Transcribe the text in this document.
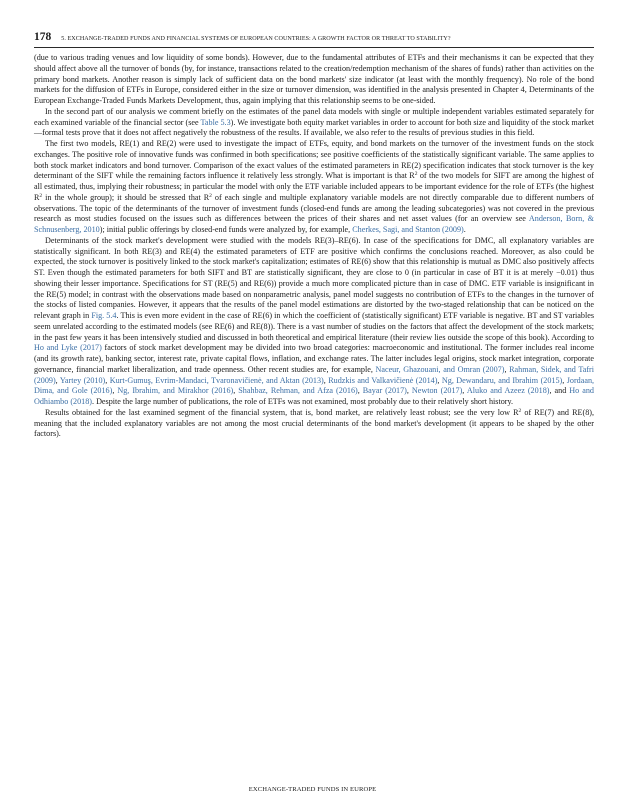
178 5. EXCHANGE-TRADED FUNDS AND FINANCIAL SYSTEMS OF EUROPEAN COUNTRIES: A GROWTH FACTOR OR THREAT TO STABILITY?

(due to various trading venues and low liquidity of some bonds). However, due to the fundamental attributes of ETFs and their mechanisms it can be expected that they should affect above all the turnover of bonds (by, for instance, transactions related to the creation/redemption mechanism of the shares of funds) rather than activities on the primary bond markets. Another reason is simply lack of sufficient data on the bond markets' size indicator (at least with the monthly frequency). No role of the bond markets for the diffusion of ETFs in Europe, considered either in the size or turnover dimension, was identified in the analysis presented in Chapter 4, Determinants of the European Exchange-Traded Funds Markets Development, thus, again implying that this relationship seems to be one-sided.

In the second part of our analysis we comment briefly on the estimates of the panel data models with single or multiple independent variables estimated separately for each examined variable of the financial sector (see Table 5.3). We investigate both equity market variables in order to account for both size and liquidity of the stock market—formal tests prove that it does not affect negatively the robustness of the results. If available, we also refer to the results of previous studies in this field.

The first two models, RE(1) and RE(2) were used to investigate the impact of ETFs, equity, and bond markets on the turnover of the investment funds on the stock exchanges. The positive role of innovative funds was confirmed in both specifications; see positive coefficients of the statistically significant variable. The same applies to both stock market indicators and bond turnover. Comparison of the exact values of the estimated parameters in RE(2) specification indicates that stock turnover is the key determinant of the SIFT while the remaining factors influence it relatively less strongly. What is important is that $R^2$ of the two models for SIFT are among the highest of all estimated, thus, implying their robustness; in particular the model with only the ETF variable included appears to be important evidence for the role of ETFs (the highest $R^2$ in the whole group); it should be stressed that $R^2$ of each single and multiple explanatory variable models are not directly comparable due to different numbers of observations. The topic of the determinants of the turnover of investment funds (closed-end funds are among the leading subcategories) was not covered in the previous research as most studies focused on the issues such as differences between the prices of their shares and net asset values (for an overview see Anderson, Born, & Schnusenberg, 2010); initial public offerings by closed-end funds were analyzed by, for example, Cherkes, Sagi, and Stanton (2009).

Determinants of the stock market's development were studied with the models RE(3)–RE(6). In case of the specifications for DMC, all explanatory variables are statistically significant. In both RE(3) and RE(4) the estimated parameters of ETF are positive which confirms the conclusions reached. Moreover, as also could be expected, the stock turnover is positively linked to the stock market's capitalization; estimates of RE(6) show that this relationship is mutual as DMC also positively affects ST. Even though the estimated parameters for both SIFT and BT are statistically significant, they are close to 0 (in particular in case of BT it is at merely −0.01) thus showing their lesser importance. Specifications for ST (RE(5) and RE(6)) provide a much more complicated picture than in case of DMC. ETF variable is insignificant in the RE(5) model; in contrast with the observations made based on nonparametric analysis, panel model suggests no contribution of ETFs to the changes in the turnover of the stocks of listed companies. However, it appears that the results of the panel model estimations are distorted by the two-staged relationship that can be noticed on the relevant graph in Fig. 5.4. This is even more evident in the case of RE(6) in which the coefficient of (statistically significant) ETF variable is negative. BT and ST variables seem unrelated according to the estimated models (see RE(6) and RE(8)). There is a vast number of studies on the factors that affect the development of the stock markets; in the past few years it has been intensively studied and discussed in both theoretical and empirical literature (their review lies outside the scope of this book). According to Ho and Lyke (2017) factors of stock market development may be divided into two broad categories: macroeconomic and institutional. The former includes real income (and its growth rate), banking sector, interest rate, private capital flows, inflation, and exchange rates. The latter includes legal origins, stock market integration, corporate governance, financial market liberalization, and trade openness. Other recent studies are, for example, Naceur, Ghazouani, and Omran (2007), Rahman, Sidek, and Tafri (2009), Yartey (2010), Kurt-Gumuş, Evrim-Mandaci, Tvaronavičienė, and Aktan (2013), Rudzkis and Valkavičienė (2014), Ng, Dewandaru, and Ibrahim (2015), Jordaan, Dima, and Gole (2016), Ng, Ibrahim, and Mirakhor (2016), Shahbaz, Rehman, and Afza (2016), Bayar (2017), Newton (2017), Aluko and Azeez (2018), and Ho and Odhiambo (2018). Despite the large number of publications, the role of ETFs was not examined, most probably due to their relatively short history.

Results obtained for the last examined segment of the financial system, that is, bond market, are relatively least robust; see the very low $R^2$ of RE(7) and RE(8), meaning that the included explanatory variables are not among the most crucial determinants of the bond market's development (it appears to be shaped by the other factors).

EXCHANGE-TRADED FUNDS IN EUROPE
